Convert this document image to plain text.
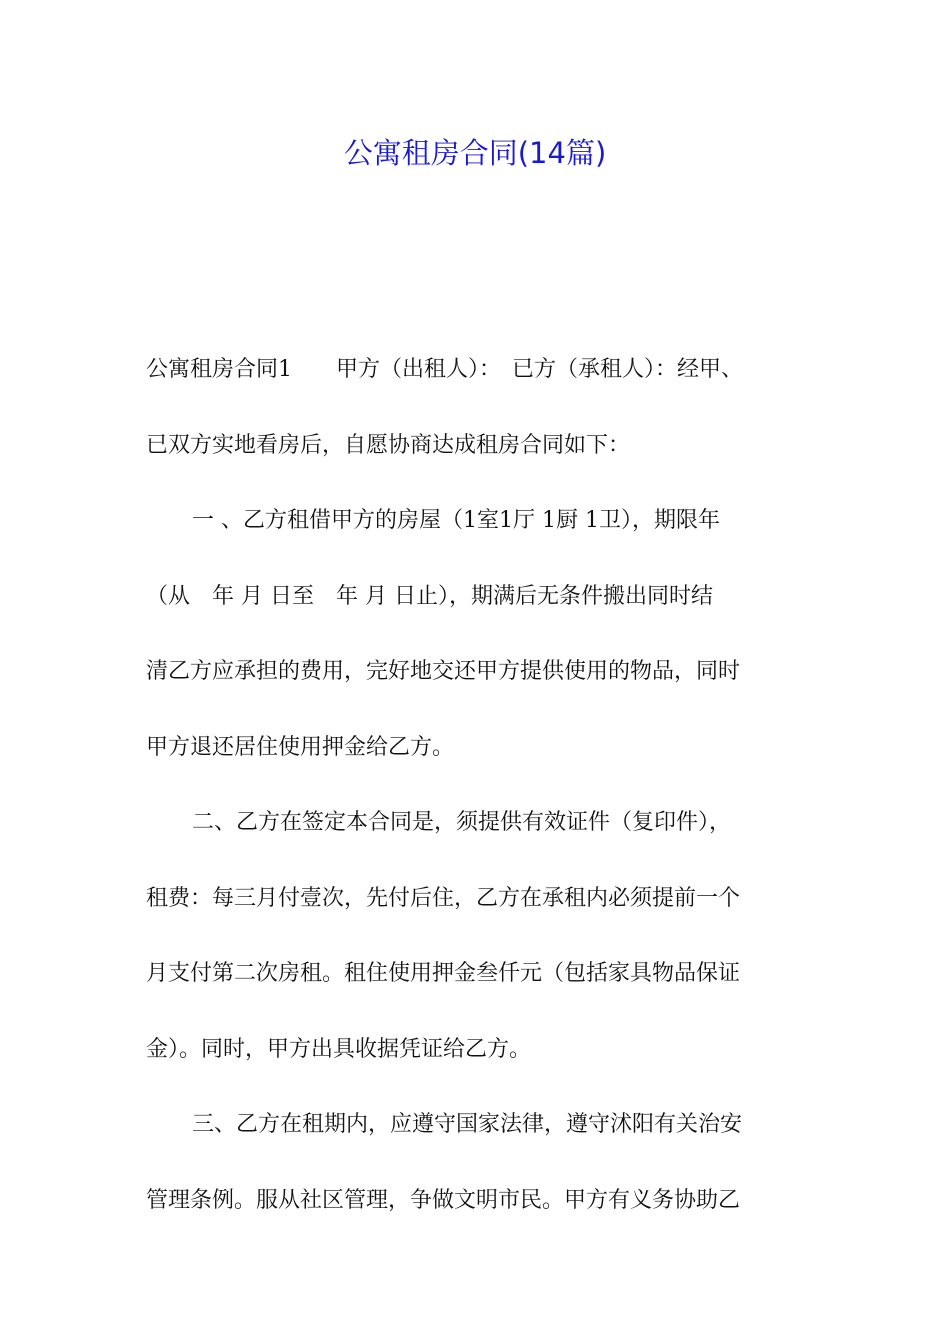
公寓租房合同(14篇)
公寓租房合同1　　甲方（出租人）：　已方（承租人）：经甲、
已双方实地看房后，自愿协商达成租房合同如下：
一 、乙方租借甲方的房屋（1室1厅 1厨 1卫），期限年
（从　年 月 日至　年 月 日止），期满后无条件搬出同时结
清乙方应承担的费用，完好地交还甲方提供使用的物品，同时
甲方退还居住使用押金给乙方。
二、乙方在签定本合同是，须提供有效证件（复印件），
租费：每三月付壹次，先付后住，乙方在承租内必须提前一个
月支付第二次房租。租住使用押金叁仟元（包括家具物品保证
金）。同时，甲方出具收据凭证给乙方。
三、乙方在租期内，应遵守国家法律，遵守沭阳有关治安
管理条例。服从社区管理，争做文明市民。甲方有义务协助乙
